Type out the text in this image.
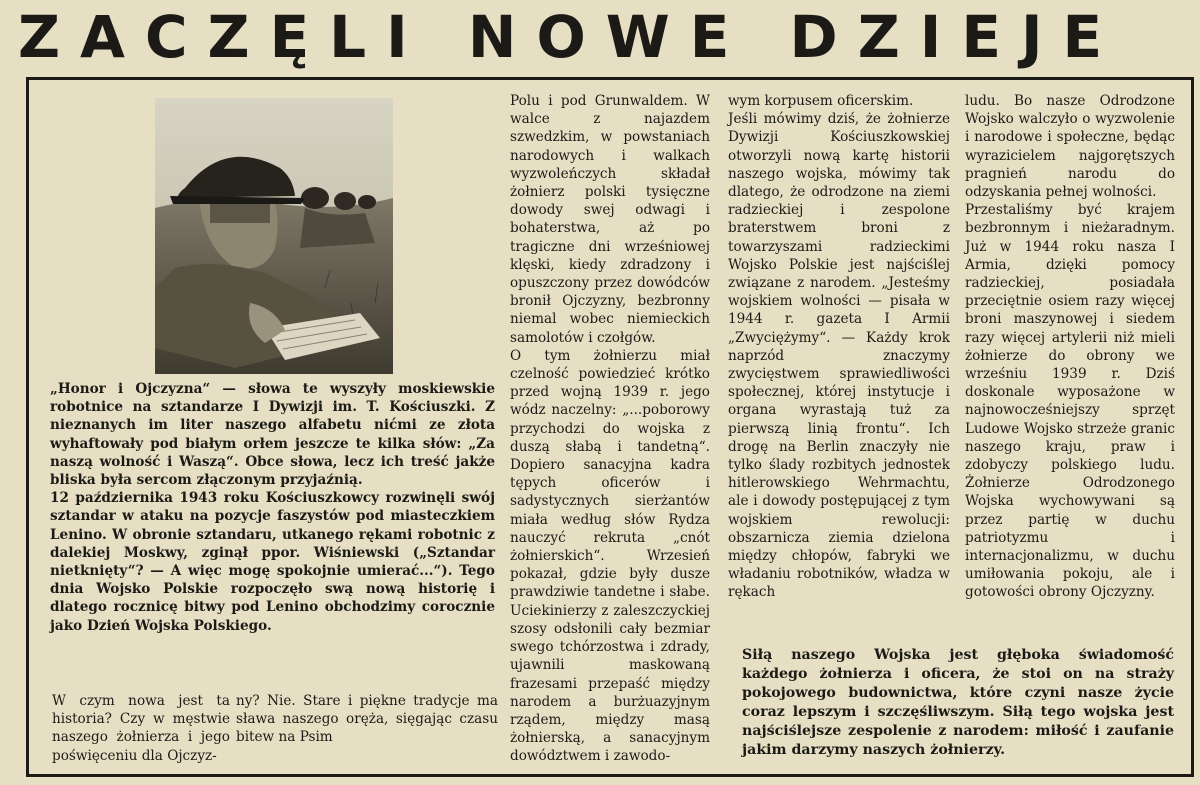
ZACZĘLI NOWE DZIEJE
„Honor i Ojczyzna“ — słowa te wyszyły moskiewskie robotnice na sztandarze I Dywizji im. T. Kościuszki. Z nieznanych im liter naszego alfabetu nićmi ze złota wyhaftowały pod białym orłem jeszcze te kilka słów: „Za naszą wolność i Waszą“. Obce słowa, lecz ich treść jakże bliska była sercom złączonym przyjaźnią.
12 października 1943 roku Kościuszkowcy rozwinęli swój sztandar w ataku na pozycje faszystów pod miasteczkiem Lenino. W obronie sztandaru, utkanego rękami robotnic z dalekiej Moskwy, zginął ppor. Wiśniewski („Sztandar nietknięty“? — A więc mogę spokojnie umierać...“). Tego dnia Wojsko Polskie rozpoczęło swą nową historię i dlatego rocznicę bitwy pod Lenino obchodzimy corocznie jako Dzień Wojska Polskiego.
W czym nowa jest ta historia? Czy w męstwie naszego żołnierza i jego poświęceniu dla Ojczyz-
ny? Nie. Stare i piękne tradycje ma sława naszego oręża, sięgając czasu bitew na Psim
Polu i pod Grunwaldem. W walce z najazdem szwedzkim, w powstaniach narodowych i walkach wyzwoleńczych składał żołnierz polski tysięczne dowody swej odwagi i bohaterstwa, aż po tragiczne dni wrześniowej klęski, kiedy zdradzony i opuszczony przez dowódców bronił Ojczyzny, bezbronny niemal wobec niemieckich samolotów i czołgów.
O tym żołnierzu miał czelność powiedzieć krótko przed wojną 1939 r. jego wódz naczelny: „...poborowy przychodzi do wojska z duszą słabą i tandetną“. Dopiero sanacyjna kadra tępych oficerów i sadystycznych sierżantów miała według słów Rydza nauczyć rekruta „cnót żołnierskich“. Wrzesień pokazał, gdzie były dusze prawdziwie tandetne i słabe. Uciekinierzy z zaleszczyckiej szosy odsłonili cały bezmiar swego tchórzostwa i zdrady, ujawnili maskowaną frazesami przepaść między narodem a burżuazyjnym rządem, między masą żołnierską, a sanacyjnym dowództwem i zawodo-
wym korpusem oficerskim.
Jeśli mówimy dziś, że żołnierze Dywizji Kościuszkowskiej otworzyli nową kartę historii naszego wojska, mówimy tak dlatego, że odrodzone na ziemi radzieckiej i zespolone braterstwem broni z towarzyszami radzieckimi Wojsko Polskie jest najściślej związane z narodem. „Jesteśmy wojskiem wolności — pisała w 1944 r. gazeta I Armii „Zwyciężymy“. — Każdy krok naprzód znaczymy zwycięstwem sprawiedliwości społecznej, której instytucje i organa wyrastają tuż za pierwszą linią frontu“. Ich drogę na Berlin znaczyły nie tylko ślady rozbitych jednostek hitlerowskiego Wehrmachtu, ale i dowody postępującej z tym wojskiem rewolucji: obszarnicza ziemia dzielona między chłopów, fabryki we władaniu robotników, władza w rękach
ludu. Bo nasze Odrodzone Wojsko walczyło o wyzwolenie i narodowe i społeczne, będąc wyrazicielem najgorętszych pragnień narodu do odzyskania pełnej wolności.
Przestaliśmy być krajem bezbronnym i nieżaradnym. Już w 1944 roku nasza I Armia, dzięki pomocy radzieckiej, posiadała przeciętnie osiem razy więcej broni maszynowej i siedem razy więcej artylerii niż mieli żołnierze do obrony we wrześniu 1939 r. Dziś doskonale wyposażone w najnowocześniejszy sprzęt Ludowe Wojsko strzeże granic naszego kraju, praw i zdobyczy polskiego ludu. Żołnierze Odrodzonego Wojska wychowywani są przez partię w duchu patriotyzmu i internacjonalizmu, w duchu umiłowania pokoju, ale i gotowości obrony Ojczyzny.
Siłą naszego Wojska jest głęboka świadomość każdego żołnierza i oficera, że stoi on na straży pokojowego budownictwa, które czyni nasze życie coraz lepszym i szczęśliwszym. Siłą tego wojska jest najściślejsze zespolenie z narodem: miłość i zaufanie jakim darzymy naszych żołnierzy.
